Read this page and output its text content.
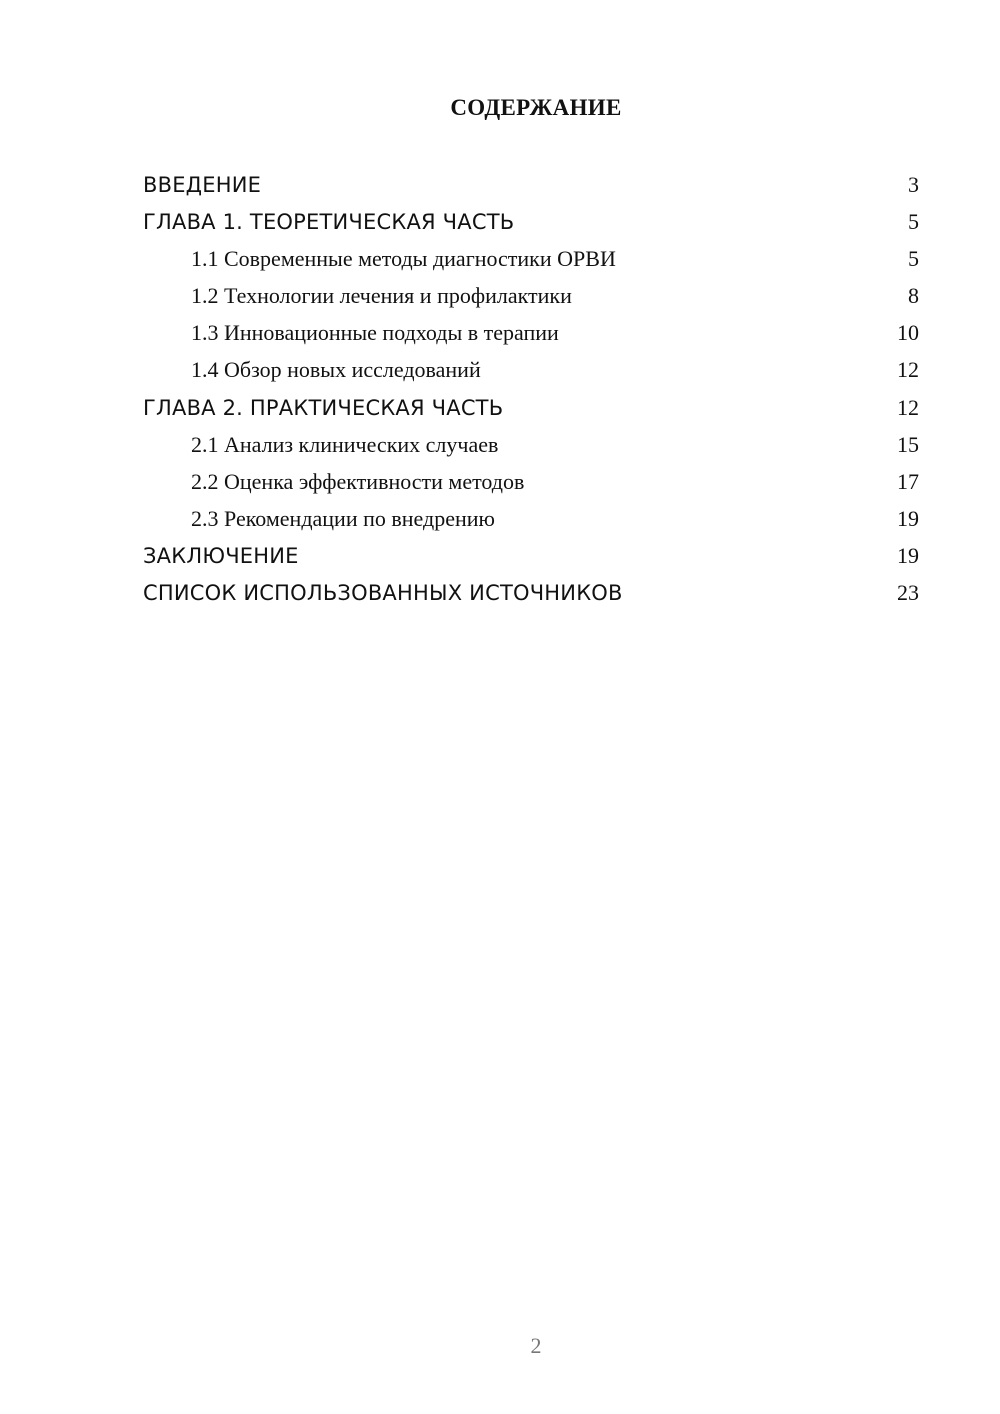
СОДЕРЖАНИЕ
ВВЕДЕНИЕ	3
ГЛАВА 1. ТЕОРЕТИЧЕСКАЯ ЧАСТЬ	5
1.1 Современные методы диагностики ОРВИ	5
1.2 Технологии лечения и профилактики	8
1.3 Инновационные подходы в терапии	10
1.4 Обзор новых исследований	12
ГЛАВА 2. ПРАКТИЧЕСКАЯ ЧАСТЬ	12
2.1 Анализ клинических случаев	15
2.2 Оценка эффективности методов	17
2.3 Рекомендации по внедрению	19
ЗАКЛЮЧЕНИЕ	19
СПИСОК ИСПОЛЬЗОВАННЫХ ИСТОЧНИКОВ	23
2
